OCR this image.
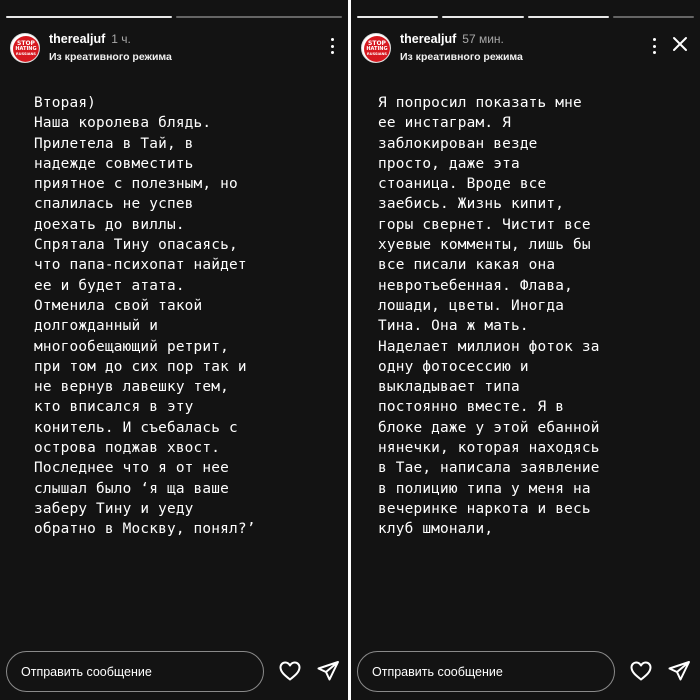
STOP
HATING
RUSSIANS
therealjuf 1 ч.
Из креативного режима
Вторая)
Наша королева блядь.
Прилетела в Тай, в
надежде совместить
приятное с полезным, но
спалилась не успев
доехать до виллы.
Спрятала Тину опасаясь,
что папа-психопат найдет
ее и будет атата.
Отменила свой такой
долгожданный и
многообещающий ретрит,
при том до сих пор так и
не вернув лавешку тем,
кто вписался в эту
конитель. И съебалась с
острова поджав хвост.
Последнее что я от нее
слышал было ‘я ща ваше
заберу Тину и уеду
обратно в Москву, понял?’
Отправить сообщение
STOP
HATING
RUSSIANS
therealjuf 57 мин.
Из креативного режима
Я попросил показать мне
ее инстаграм. Я
заблокирован везде
просто, даже эта
стоаница. Вроде все
заебись. Жизнь кипит,
горы свернет. Чистит все
хуевые комменты, лишь бы
все писали какая она
невротъебенная. Флава,
лошади, цветы. Иногда
Тина. Она ж мать.
Наделает миллион фоток за
одну фотосессию и
выкладывает типа
постоянно вместе. Я в
блоке даже у этой ебанной
нянечки, которая находясь
в Тае, написала заявление
в полицию типа у меня на
вечеринке наркота и весь
клуб шмонали,
Отправить сообщение
